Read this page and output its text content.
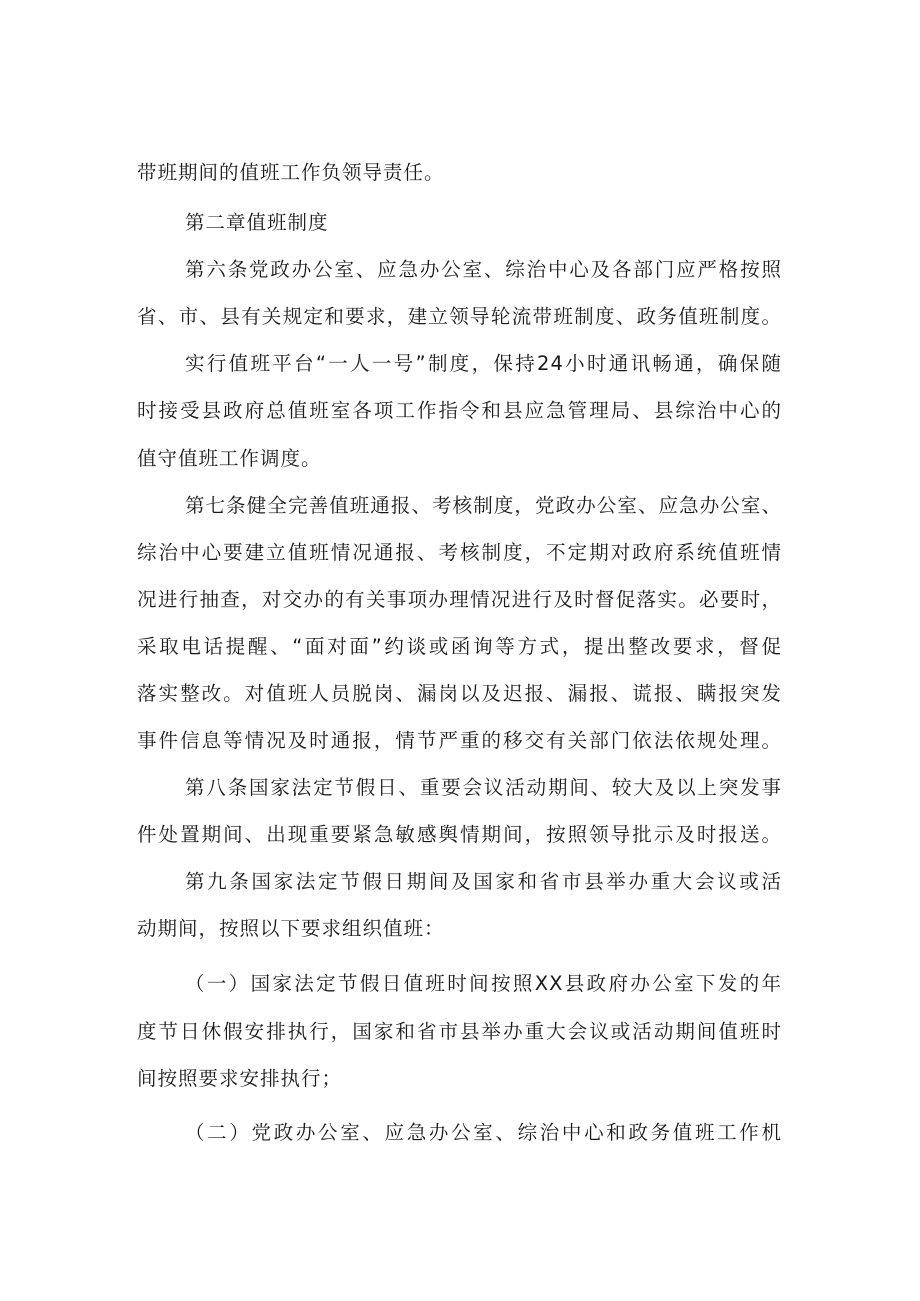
带班期间的值班工作负领导责任。
第二章值班制度
第六条党政办公室、应急办公室、综治中心及各部门应严格按照
省、市、县有关规定和要求，建立领导轮流带班制度、政务值班制度。
实行值班平台“一人一号”制度，保持24小时通讯畅通，确保随
时接受县政府总值班室各项工作指令和县应急管理局、县综治中心的
值守值班工作调度。
第七条健全完善值班通报、考核制度，党政办公室、应急办公室、
综治中心要建立值班情况通报、考核制度，不定期对政府系统值班情
况进行抽查，对交办的有关事项办理情况进行及时督促落实。必要时，
采取电话提醒、“面对面”约谈或函询等方式，提出整改要求，督促
落实整改。对值班人员脱岗、漏岗以及迟报、漏报、谎报、瞒报突发
事件信息等情况及时通报，情节严重的移交有关部门依法依规处理。
第八条国家法定节假日、重要会议活动期间、较大及以上突发事
件处置期间、出现重要紧急敏感舆情期间，按照领导批示及时报送。
第九条国家法定节假日期间及国家和省市县举办重大会议或活
动期间，按照以下要求组织值班：
（一）国家法定节假日值班时间按照XX县政府办公室下发的年
度节日休假安排执行，国家和省市县举办重大会议或活动期间值班时
间按照要求安排执行；
（二）党政办公室、应急办公室、综治中心和政务值班工作机
